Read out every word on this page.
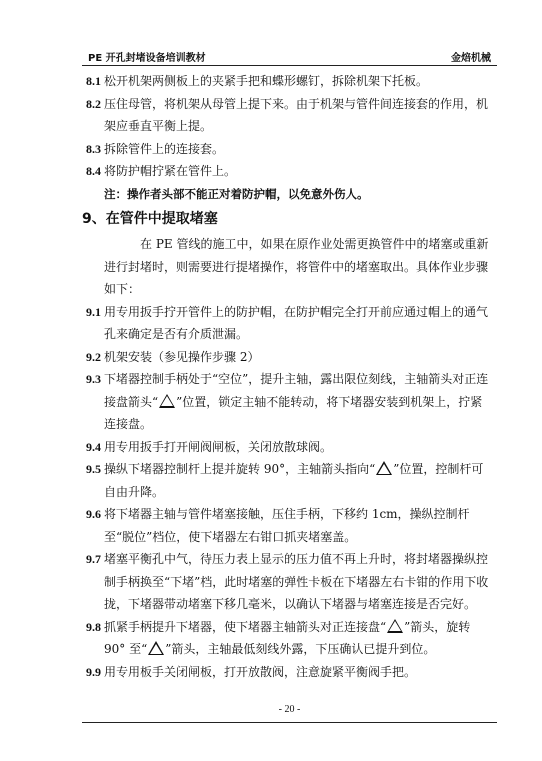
PE 开孔封堵设备培训教材	金焙机械

8.1 松开机架两侧板上的夹紧手把和蝶形螺钉，拆除机架下托板。

8.2 压住母管，将机架从母管上提下来。由于机架与管件间连接套的作用，机架应垂直平衡上提。

8.3 拆除管件上的连接套。

8.4 将防护帽拧紧在管件上。

注：操作者头部不能正对着防护帽，以免意外伤人。

9、在管件中提取堵塞

在 PE 管线的施工中，如果在原作业处需更换管件中的堵塞或重新进行封堵时，则需要进行提堵操作，将管件中的堵塞取出。具体作业步骤如下：

9.1 用专用扳手拧开管件上的防护帽，在防护帽完全打开前应通过帽上的通气孔来确定是否有介质泄漏。

9.2 机架安装（参见操作步骤 2）

9.3 下堵器控制手柄处于“空位”，提升主轴，露出限位刻线，主轴箭头对正连接盘箭头“ ”位置，锁定主轴不能转动，将下堵器安装到机架上，拧紧连接盘。

9.4 用专用扳手打开闸阀闸板，关闭放散球阀。

9.5 操纵下堵器控制杆上提并旋转 90°，主轴箭头指向“ ”位置，控制杆可自由升降。

9.6 将下堵器主轴与管件堵塞接触，压住手柄，下移约 1cm，操纵控制杆至“脱位”档位，使下堵器左右钳口抓夹堵塞盖。

9.7 堵塞平衡孔中气，待压力表上显示的压力值不再上升时，将封堵器操纵控制手柄换至“下堵”档，此时堵塞的弹性卡板在下堵器左右卡钳的作用下收拢，下堵器带动堵塞下移几毫米，以确认下堵器与堵塞连接是否完好。

9.8 抓紧手柄提升下堵器，使下堵器主轴箭头对正连接盘“ ”箭头，旋转 90° 至“ ”箭头，主轴最低刻线外露，下压确认已提升到位。

9.9 用专用板手关闭闸板，打开放散阀，注意旋紧平衡阀手把。

- 20 -
